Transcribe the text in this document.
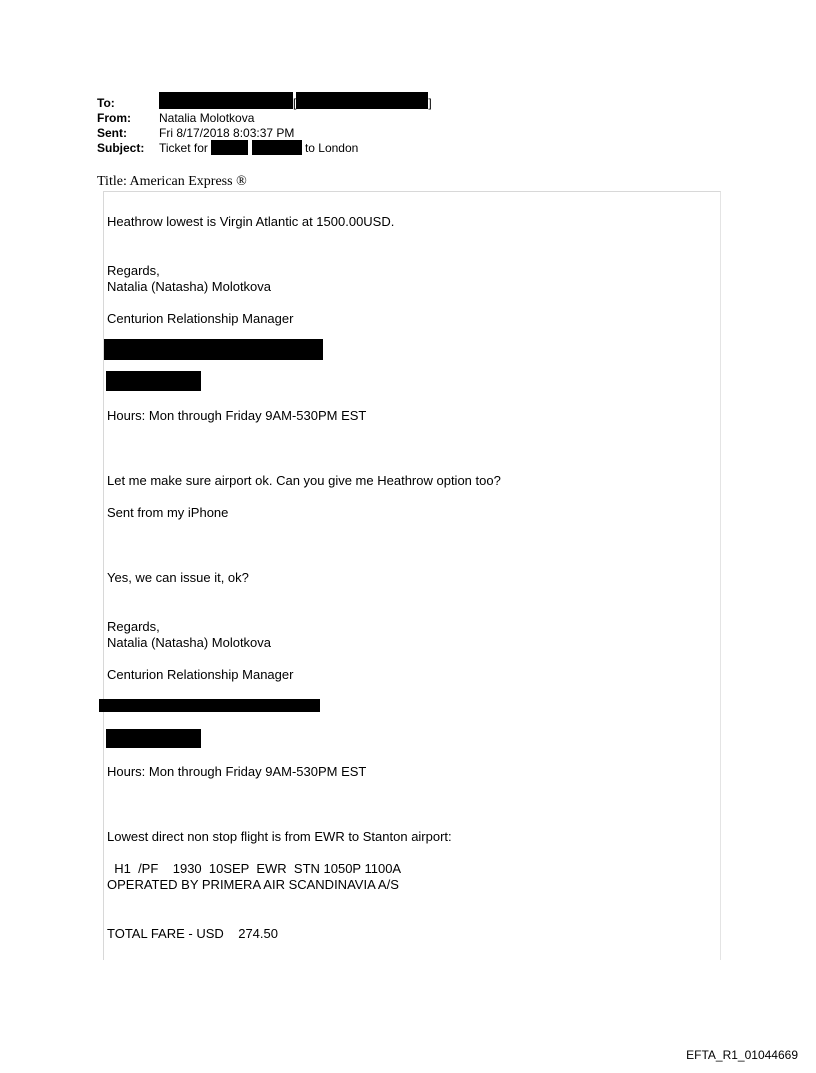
To:	[	]
From: Natalia Molotkova
Sent:	Fri 8/17/2018 8:03:37 PM
Subject: Ticket for	to London
Title: American Express ®
Heathrow lowest is Virgin Atlantic at 1500.00USD.
Regards,
Natalia (Natasha) Molotkova
Centurion Relationship Manager
Hours: Mon through Friday 9AM-530PM EST
Let me make sure airport ok. Can you give me Heathrow option too?
Sent from my iPhone
Yes, we can issue it, ok?
Regards,
Natalia (Natasha) Molotkova
Centurion Relationship Manager
Hours: Mon through Friday 9AM-530PM EST
Lowest direct non stop flight is from EWR to Stanton airport:
H1  /PF    1930  10SEP  EWR  STN 1050P 1100A
OPERATED BY PRIMERA AIR SCANDINAVIA A/S
TOTAL FARE - USD    274.50
EFTA_R1_01044669
